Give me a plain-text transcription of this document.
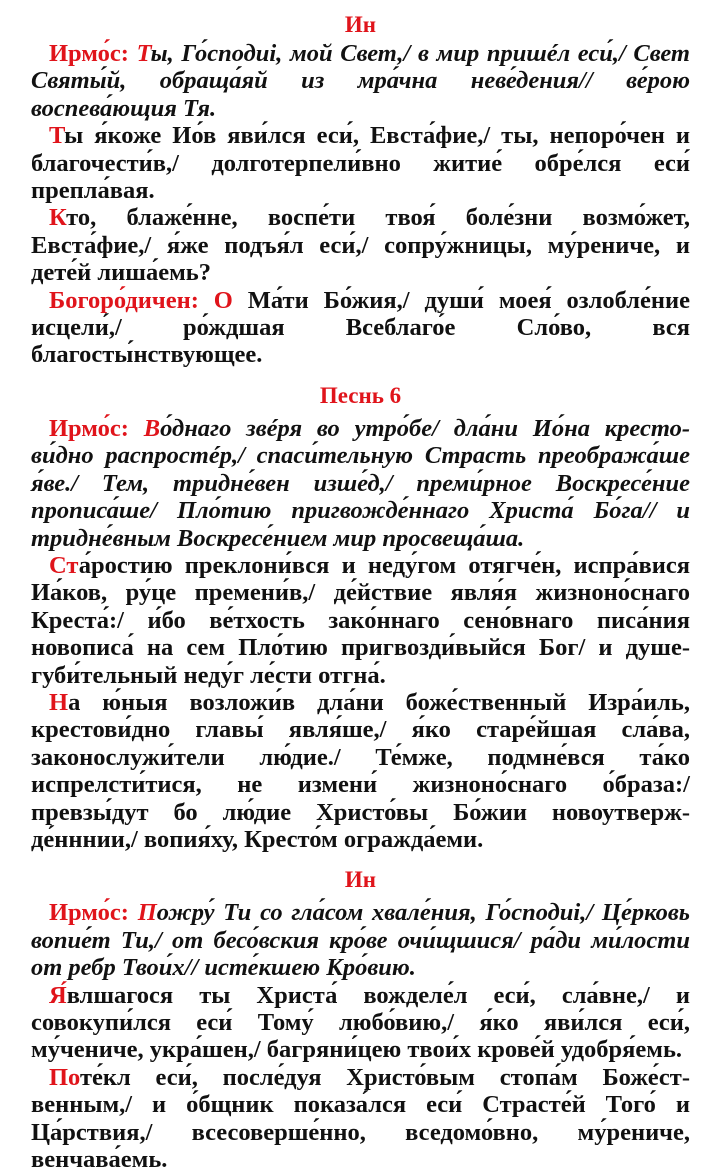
Ин

Ирмо́с: Ты, Го́сподиi, мой Свет,/ в мир пришéл еси́,/ Свет Святы́й, обраща́яй из мра́чна неве́дения// ве́рою воспева́ющия Тя.

Ты я́коже Ио́в яви́лся еси́, Евста́фие,/ ты, непоро́чен и благочести́в,/ долготерпели́вно житие́ обре́лся еси́ препла́вая.

Кто, блаже́нне, воспе́ти твоя́ боле́зни возмо́жет, Евста́фие,/ я́же подъя́л еси́,/ сопру́жницы, му́рениче, и дете́й лиша́емь?

Богоро́дичен: О Ма́ти Бо́жия,/ души́ моея́ озлобле́ние исцели́,/ ро́ждшая Всеблаго́е Сло́во, вся благосты́нствующее.

Песнь 6

Ирмо́с: Во́днаго звéря во утро́бе/ дла́ни Ио́на кресто-ви́дно распростéр,/ спаси́тельную Страсть преобража́ше я́ве./ Тем, тридне́вен изше́д,/ преми́рное Воскресе́ние прописа́ше/ Пло́тию пригвожде́ннаго Христа́ Бо́га// и тридне́вным Воскресе́нием мир просвеща́ша.

Ста́ростию преклони́вся и неду́гом отягче́н, испра́вися Иа́ков, ру́це премени́в,/ де́йствие явля́я жизноно́снаго Креста́:/ и́бо ве́тхость зако́ннаго сено́внаго писа́ния новописа́ на сем Пло́тию пригвозди́выйся Бог/ и душе-губи́тельный неду́г ле́сти отгна́.

На ю́ныя возложи́в дла́ни боже́ственный Изра́иль, крестови́дно главы́ явля́ше,/ я́ко старе́йшая сла́ва, законослужи́тели лю́дие./ Те́мже, подмне́вся та́ко испрелсти́тися, не измени́ жизноно́снаго о́браза:/ превзы́дут бо лю́дие Христо́вы Бо́жии новоутверж-де́нннии,/ вопия́ху, Кресто́м огражда́еми.

Ин

Ирмо́с: Пожру́ Ти со гла́сом хвале́ния, Го́сподиi,/ Це́рковь вопие́т Ти,/ от бесо́вския кро́ве очи́щшися/ ра́ди ми́лости от ребр Твои́х// исте́кшею Кро́вию.

Я́влшагося ты Христа́ вожделе́л еси́, сла́вне,/ и совокупи́лся еси́ Тому́ любо́вию,/ я́ко яви́лся еси́, му́чениче, укра́шен,/ багряни́цею твои́х крове́й удобря́емь.

Поте́кл еси́, после́дуя Христо́вым стопа́м Боже́ст-венным,/ и о́бщник показа́лся еси́ Страсте́й Того́ и Ца́рствия,/ всесоверше́нно, вседомо́вно, му́рениче, венчава́емь.
